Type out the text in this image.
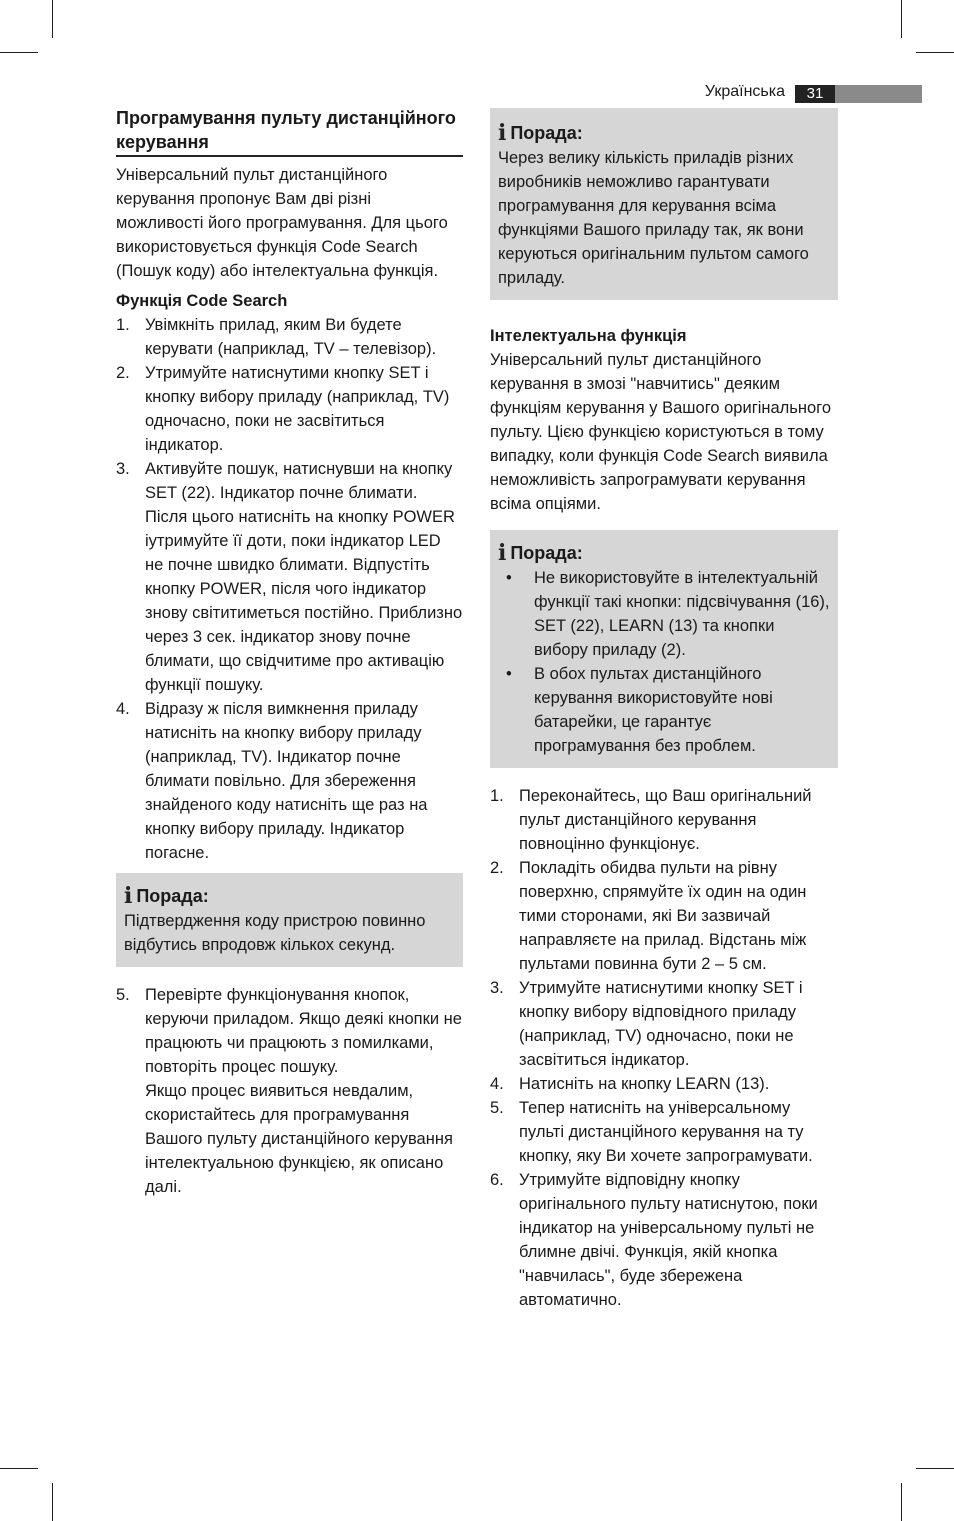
Українська	31
Програмування пульту дистанційного керування

Універсальний пульт дистанційного керування пропонує Вам дві різні можливості його програмування. Для цього використовується функція Code Search (Пошук коду) або інтелектуальна функція.

Функція Code Search
1. Увімкніть прилад, яким Ви будете керувати (наприклад, TV – телевізор).
2. Утримуйте натиснутими кнопку SET і кнопку вибору приладу (наприклад, TV) одночасно, поки не засвітиться індикатор.
3. Активуйте пошук, натиснувши на кнопку SET (22). Індикатор почне блимати. Після цього натисніть на кнопку POWER іутримуйте її доти, поки індикатор LED не почне швидко блимати. Відпустіть кнопку POWER, після чого індикатор знову світитиметься постійно. Приблизно через 3 сек. індикатор знову почне блимати, що свідчитиме про активацію функції пошуку.
4. Відразу ж після вимкнення приладу натисніть на кнопку вибору приладу (наприклад, TV). Індикатор почне блимати повільно. Для збереження знайденого коду натисніть ще раз на кнопку вибору приладу. Індикатор погасне.
i Порада:

Підтвердження коду пристрою повинно відбутись впродовж кількох секунд.

5. Перевірте функціонування кнопок, керуючи приладом. Якщо деякі кнопки не працюють чи працюють з помилками, повторіть процес пошуку.
Якщо процес виявиться невдалим, скористайтесь для програмування Вашого пульту дистанційного керування інтелектуальною функцією, як описано далі.
i Порада:

Через велику кількість приладів різних виробників неможливо гарантувати програмування для керування всіма функціями Вашого приладу так, як вони керуються оригінальним пультом самого приладу.

Інтелектуальна функція

Універсальний пульт дистанційного керування в змозі "навчитись" деяким функціям керування у Вашого оригінального пульту. Цією функцією користуються в тому випадку, коли функція Code Search виявила неможливість запрограмувати керування всіма опціями.

i Порада:
• Не використовуйте в інтелектуальній функції такі кнопки: підсвічування (16), SET (22), LEARN (13) та кнопки вибору приладу (2).
• В обох пультах дистанційного керування використовуйте нові батарейки, це гарантує програмування без проблем.
1. Переконайтесь, що Ваш оригінальний пульт дистанційного керування повноцінно функціонує.
2. Покладіть обидва пульти на рівну поверхню, спрямуйте їх один на один тими сторонами, які Ви зазвичай направляєте на прилад. Відстань між пультами повинна бути 2 – 5 см.
3. Утримуйте натиснутими кнопку SET і кнопку вибору відповідного приладу (наприклад, TV) одночасно, поки не засвітиться індикатор.
4. Натисніть на кнопку LEARN (13).
5. Тепер натисніть на універсальному пульті дистанційного керування на ту кнопку, яку Ви хочете запрограмувати.
6. Утримуйте відповідну кнопку оригінального пульту натиснутою, поки індикатор на універсальному пульті не блимне двічі. Функція, якій кнопка "навчилась", буде збережена автоматично.
